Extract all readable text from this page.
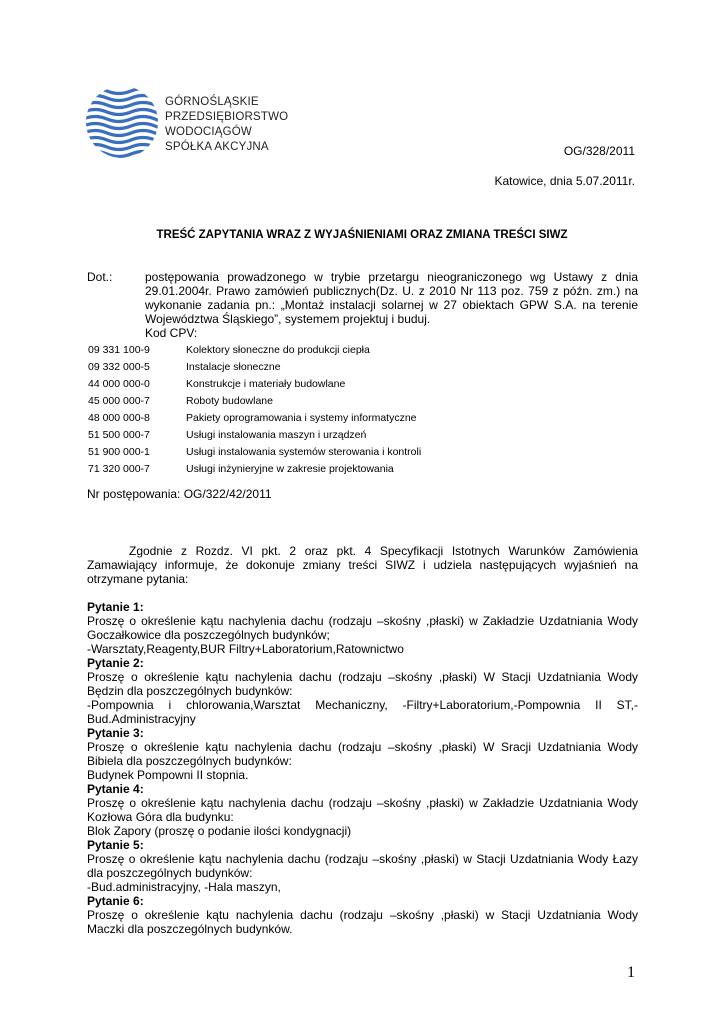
GÓRNOŚLĄSKIE
PRZEDSIĘBIORSTWO
WODOCIĄGÓW
SPÓŁKA AKCYJNA	OG/328/2011
Katowice, dnia 5.07.2011r.
TREŚĆ ZAPYTANIA WRAZ Z WYJAŚNIENIAMI ORAZ ZMIANA TREŚCI SIWZ
Dot.:	postępowania prowadzonego w trybie przetargu nieograniczonego wg Ustawy z dnia 29.01.2004r. Prawo zamówień publicznych(Dz. U. z 2010 Nr 113 poz. 759 z późn. zm.) na wykonanie zadania pn.: „Montaż instalacji solarnej w 27 obiektach GPW S.A. na terenie Województwa Śląskiego”, systemem projektuj i buduj.
Kod CPV:
09 331 100-9	Kolektory słoneczne do produkcji ciepła
09 332 000-5	Instalacje słoneczne
44 000 000-0	Konstrukcje i materiały budowlane
45 000 000-7	Roboty budowlane
48 000 000-8	Pakiety oprogramowania i systemy informatyczne
51 500 000-7	Usługi instalowania maszyn i urządzeń
51 900 000-1	Usługi instalowania systemów sterowania i kontroli
71 320 000-7	Usługi inżynieryjne w zakresie projektowania
Nr postępowania: OG/322/42/2011
Zgodnie z Rozdz. VI pkt. 2 oraz pkt. 4 Specyfikacji Istotnych Warunków Zamówienia Zamawiający informuje, że dokonuje zmiany treści SIWZ i udziela następujących wyjaśnień na otrzymane pytania:
Pytanie 1:
Proszę o określenie kątu nachylenia dachu (rodzaju –skośny ,płaski) w Zakładzie Uzdatniania Wody
Goczałkowice dla poszczególnych budynków;
-Warsztaty,Reagenty,BUR Filtry+Laboratorium,Ratownictwo
Pytanie 2:
Proszę o określenie kątu nachylenia dachu (rodzaju –skośny ,płaski) W Stacji Uzdatniania Wody
Będzin dla poszczególnych budynków:
-Pompownia i chlorowania,Warsztat Mechaniczny, -Filtry+Laboratorium,-Pompownia II ST,-
Bud.Administracyjny
Pytanie 3:
Proszę o określenie kątu nachylenia dachu (rodzaju –skośny ,płaski) W Sracji Uzdatniania Wody
Bibiela dla poszczególnych budynków:
Budynek Pompowni II stopnia.
Pytanie 4:
Proszę o określenie kątu nachylenia dachu (rodzaju –skośny ,płaski) w Zakładzie Uzdatniania Wody
Kozłowa Góra dla budynku:
Blok Zapory (proszę o podanie ilości kondygnacji)
Pytanie 5:
Proszę o określenie kątu nachylenia dachu (rodzaju –skośny ,płaski) w Stacji Uzdatniania Wody Łazy
dla poszczególnych budynków:
-Bud.administracyjny, -Hala maszyn,
Pytanie 6:
Proszę o określenie kątu nachylenia dachu (rodzaju –skośny ,płaski) w Stacji Uzdatniania Wody
Maczki dla poszczególnych budynków.
1
